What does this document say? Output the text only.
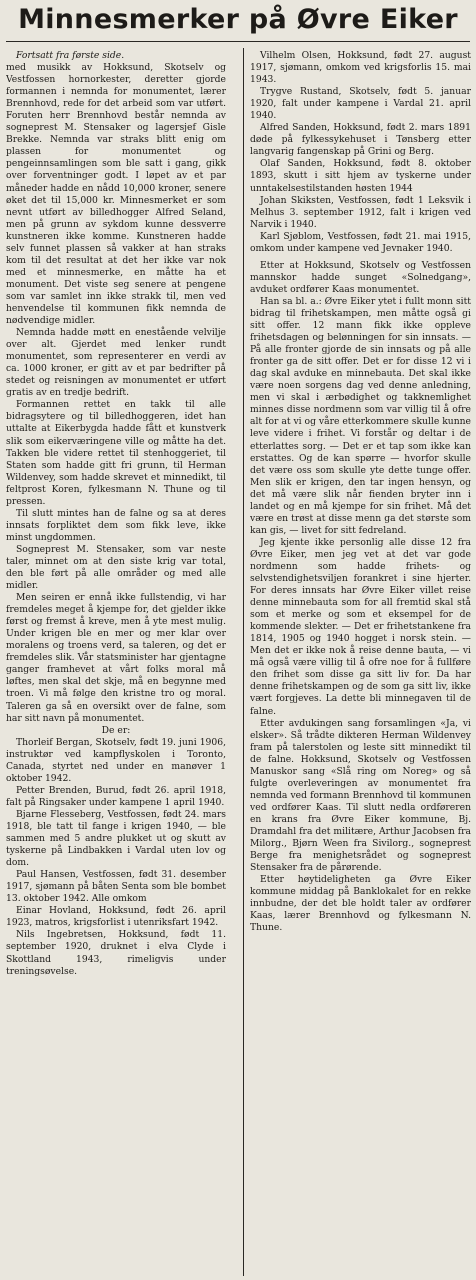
Minnesmerker på Øvre Eiker

Fortsatt fra første side.

med musikk av Hokksund, Skotselv og Vestfossen hornorkester, deretter gjorde formannen i nemnda for monumentet, lærer Brennhovd, rede for det arbeid som var utført. Foruten herr Brennhovd består nemnda av sogneprest M. Stensaker og lagersjef Gisle Brekke. Nemnda var straks blitt enig om plassen for monumentet og pengeinnsamlingen som ble satt i gang, gikk over forventninger godt. I løpet av et par måneder hadde en nådd 10,000 kroner, senere øket det til 15,000 kr. Minnesmerket er som nevnt utført av billedhogger Alfred Seland, men på grunn av sykdom kunne dessverre kunstneren ikke komme. Kunstneren hadde selv funnet plassen så vakker at han straks kom til det resultat at det her ikke var nok med et minnesmerke, en måtte ha et monument. Det viste seg senere at pengene som var samlet inn ikke strakk til, men ved henvendelse til kommunen fikk nemnda de nødvendige midler.

Nemnda hadde møtt en enestående velvilje over alt. Gjerdet med lenker rundt monumentet, som representerer en verdi av ca. 1000 kroner, er gitt av et par bedrifter på stedet og reisningen av monumentet er utført gratis av en tredje bedrift.

Formannen rettet en takk til alle bidragsytere og til billedhoggeren, idet han uttalte at Eikerbygda hadde fått et kunstverk slik som eikerværingene ville og måtte ha det. Takken ble videre rettet til stenhoggeriet, til Staten som hadde gitt fri grunn, til Herman Wildenvey, som hadde skrevet et minnedikt, til feltprost Koren, fylkesmann N. Thune og til pressen.

Til slutt mintes han de falne og sa at deres innsats forpliktet dem som fikk leve, ikke minst ungdommen.

Sogneprest M. Stensaker, som var neste taler, minnet om at den siste krig var total, den ble ført på alle områder og med alle midler.

Men seiren er ennå ikke fullstendig, vi har fremdeles meget å kjempe for, det gjelder ikke først og fremst å kreve, men å yte mest mulig. Under krigen ble en mer og mer klar over moralens og troens verd, sa taleren, og det er fremdeles slik. Vår statsminister har gjentagne ganger framhevet at vårt folks moral må løftes, men skal det skje, må en begynne med troen. Vi må følge den kristne tro og moral. Taleren ga så en oversikt over de falne, som har sitt navn på monumentet.

De er:

Thorleif Bergan, Skotselv, født 19. juni 1906, instruktør ved kampflyskolen i Toronto, Canada, styrtet ned under en manøver 1 oktober 1942.

Petter Brenden, Burud, født 26. april 1918, falt på Ringsaker under kampene 1 april 1940.

Bjarne Flesseberg, Vestfossen, født 24. mars 1918, ble tatt til fange i krigen 1940, — ble sammen med 5 andre plukket ut og skutt av tyskerne på Lindbakken i Vardal uten lov og dom.

Paul Hansen, Vestfossen, født 31. desember 1917, sjømann på båten Senta som ble bombet 13. oktober 1942. Alle omkom

Einar Hovland, Hokksund, født 26. april 1923, matros, krigsforlist i utenriksfart 1942.

Nils Ingebretsen, Hokksund, født 11. september 1920, druknet i elva Clyde i Skottland 1943, rimeligvis under treningsøvelse.

Vilhelm Olsen, Hokksund, født 27. august 1917, sjømann, omkom ved krigsforlis 15. mai 1943.

Trygve Rustand, Skotselv, født 5. januar 1920, falt under kampene i Vardal 21. april 1940.

Alfred Sanden, Hokksund, født 2. mars 1891 døde på fylkessykehuset i Tønsberg etter langvarig fangenskap på Grini og Berg.

Olaf Sanden, Hokksund, født 8. oktober 1893, skutt i sitt hjem av tyskerne under unntakelsestilstanden høsten 1944

Johan Skiksten, Vestfossen, født 1 Leksvik i Melhus 3. september 1912, falt i krigen ved Narvik i 1940.

Karl Sjøblom, Vestfossen, født 21. mai 1915, omkom under kampene ved Jevnaker 1940.

Etter at Hokksund, Skotselv og Vestfossen mannskor hadde sunget «Solnedgang», avduket ordfører Kaas monumentet.

Han sa bl. a.: Øvre Eiker ytet i fullt monn sitt bidrag til frihetskampen, men måtte også gi sitt offer. 12 mann fikk ikke oppleve frihetsdagen og belønningen for sin innsats. — På alle fronter gjorde de sin innsats og på alle fronter ga de sitt offer. Det er for disse 12 vi i dag skal avduke en minnebauta. Det skal ikke være noen sorgens dag ved denne anledning, men vi skal i ærbødighet og takknemlighet minnes disse nordmenn som var villig til å ofre alt for at vi og våre etterkommere skulle kunne leve videre i frihet. Vi forstår og deltar i de etterlattes sorg. — Det er et tap som ikke kan erstattes. Og de kan spørre — hvorfor skulle det være oss som skulle yte dette tunge offer. Men slik er krigen, den tar ingen hensyn, og det må være slik når fienden bryter inn i landet og en må kjempe for sin frihet. Må det være en trøst at disse menn ga det største som kan gis, — livet for sitt fedreland.

Jeg kjente ikke personlig alle disse 12 fra Øvre Eiker, men jeg vet at det var gode nordmenn som hadde frihets- og selvstendighetsviljen forankret i sine hjerter. For deres innsats har Øvre Eiker villet reise denne minnebauta som for all fremtid skal stå som et merke og som et eksempel for de kommende slekter. — Det er frihetstankene fra 1814, 1905 og 1940 hogget i norsk stein. — Men det er ikke nok å reise denne bauta, — vi må også være villig til å ofre noe for å fullføre den frihet som disse ga sitt liv for. Da har denne frihetskampen og de som ga sitt liv, ikke vært forgjeves. La dette bli minnegaven til de falne.

Etter avdukingen sang forsamlingen «Ja, vi elsker». Så trådte dikteren Herman Wildenvey fram på talerstolen og leste sitt minnedikt til de falne. Hokksund, Skotselv og Vestfossen Manuskor sang «Slå ring om Noreg» og så fulgte overleveringen av monumentet fra nemnda ved formann Brennhovd til kommunen ved ordfører Kaas. Til slutt nedla ordføreren en krans fra Øvre Eiker kommune, Bj. Dramdahl fra det militære, Arthur Jacobsen fra Milorg., Bjørn Ween fra Sivilorg., sogneprest Berge fra menighetsrådet og sogneprest Stensaker fra de pårørende.

Etter høytideligheten ga Øvre Eiker kommune middag på Banklokalet for en rekke innbudne, der det ble holdt taler av ordfører Kaas, lærer Brennhovd og fylkesmann N. Thune.
